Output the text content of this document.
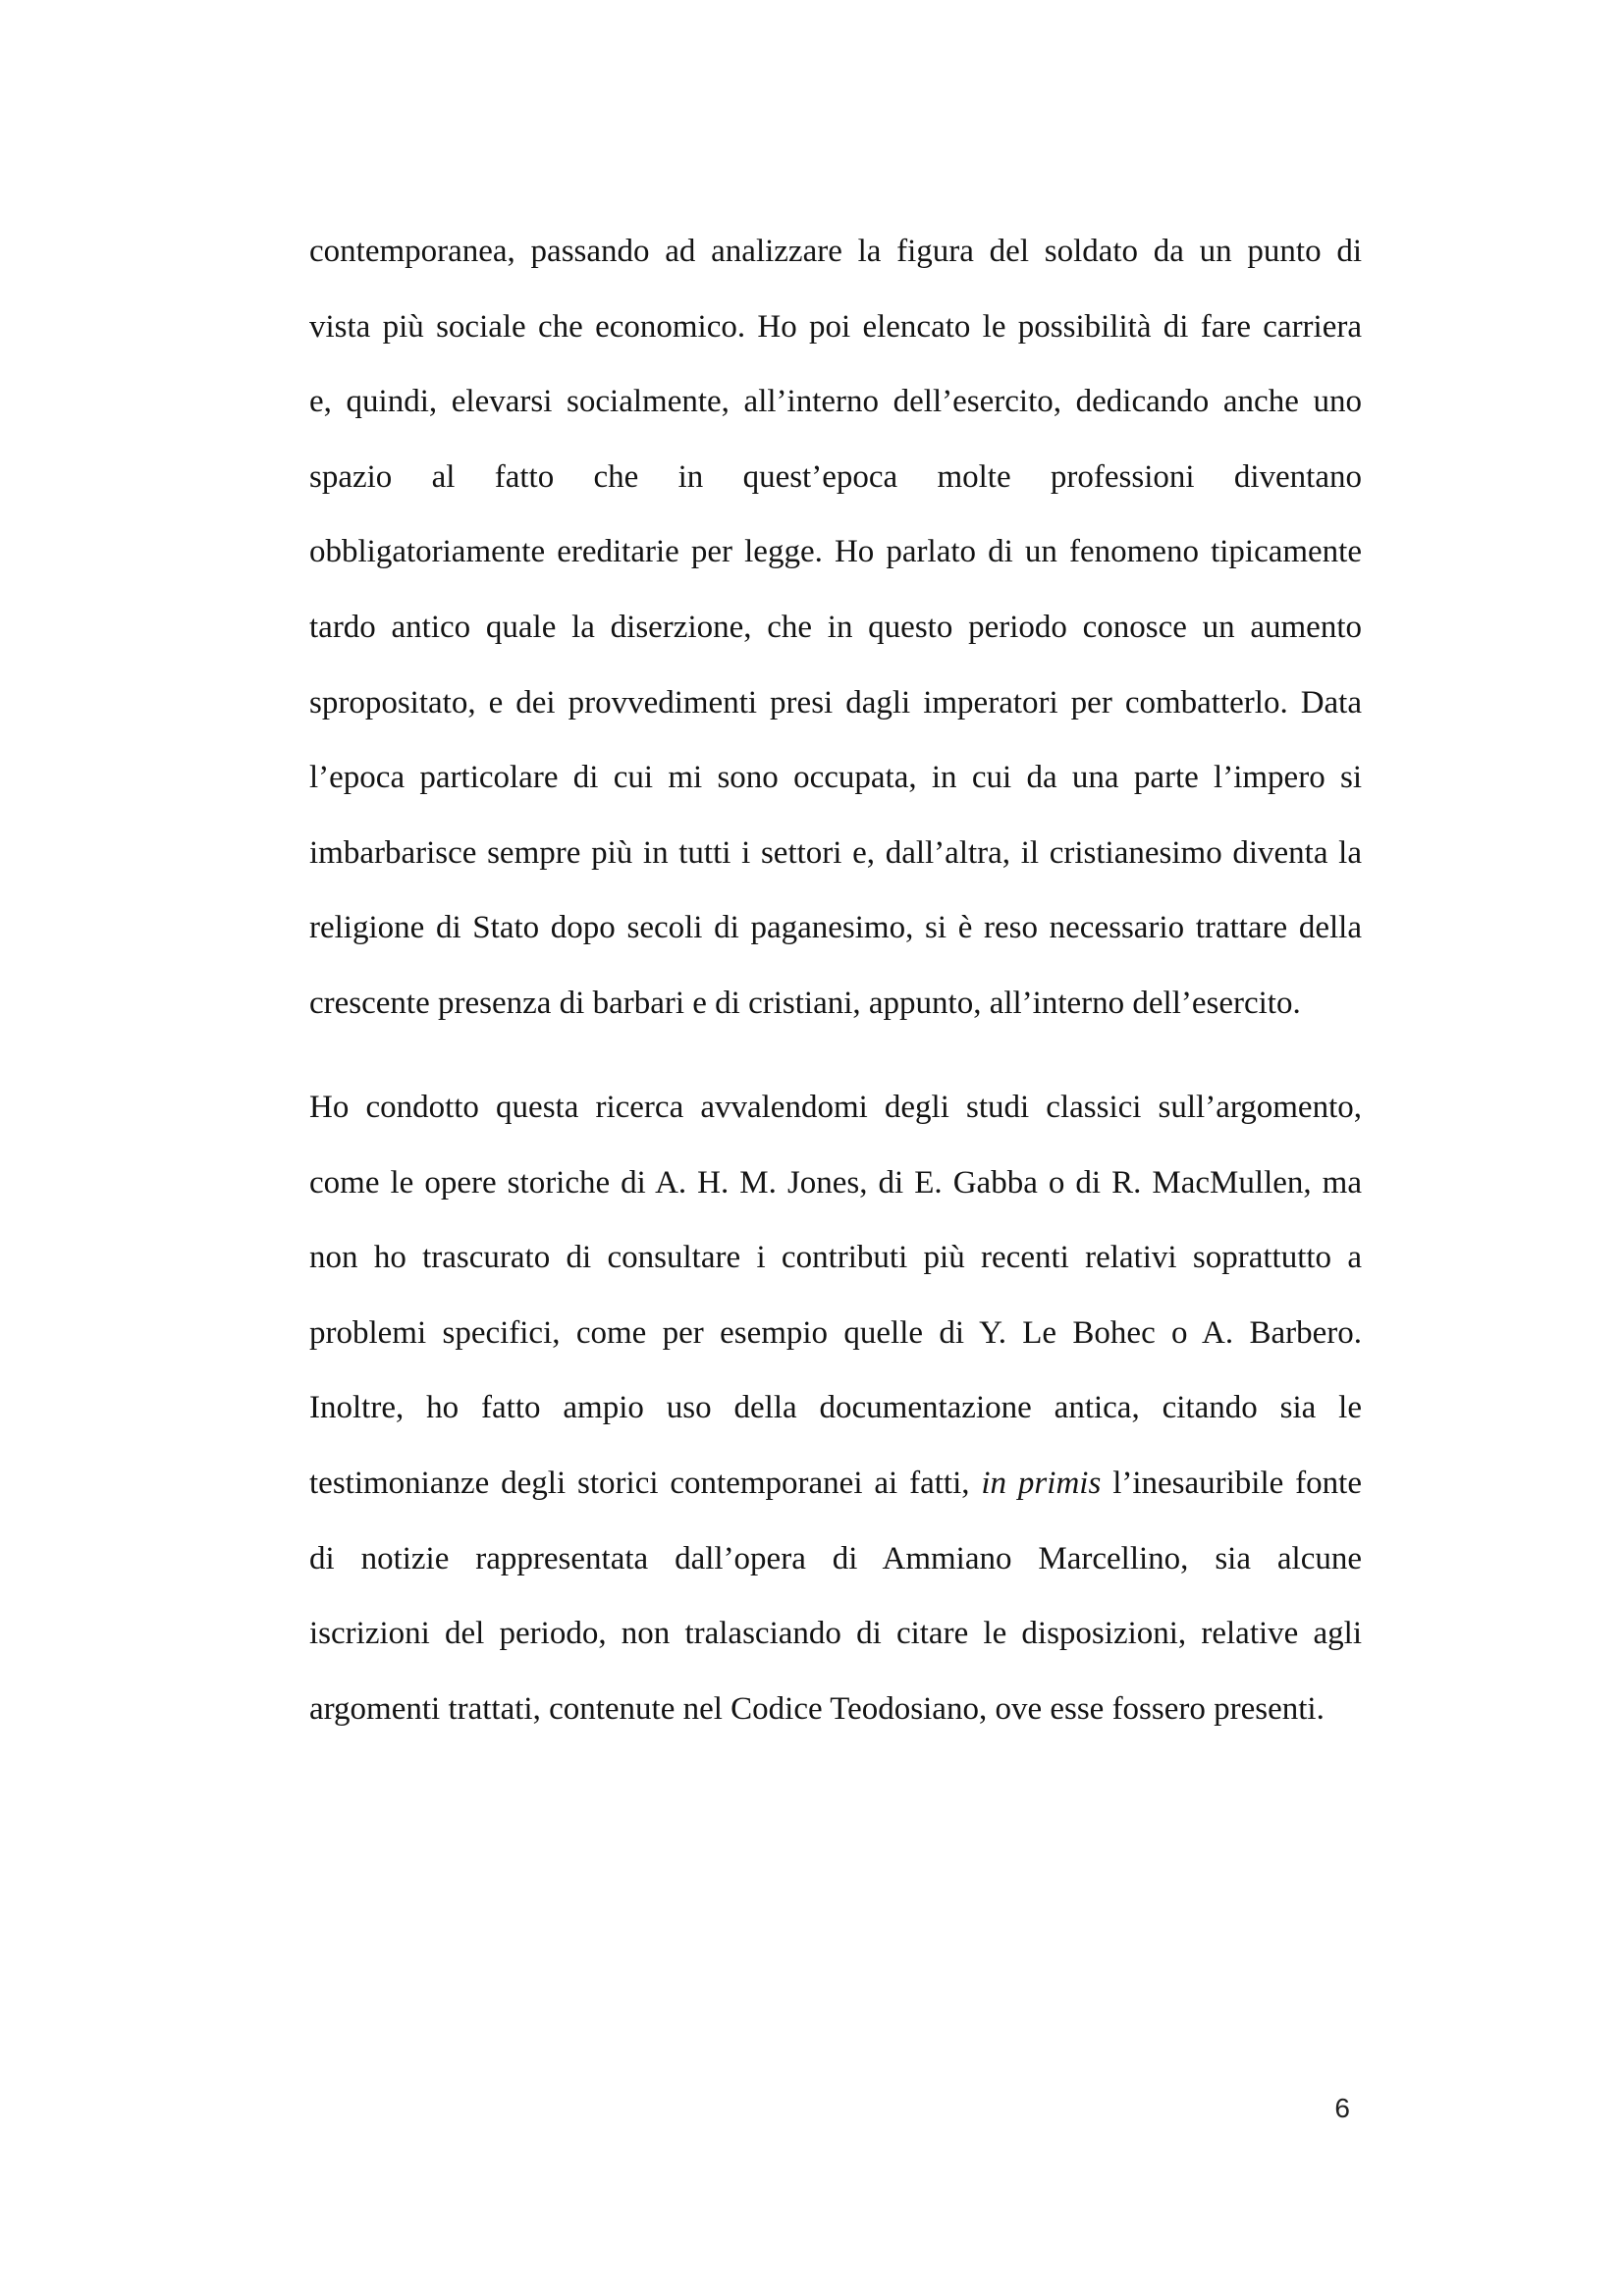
contemporanea, passando ad analizzare la figura del soldato da un punto di
vista più sociale che economico. Ho poi elencato le possibilità di fare carriera
e, quindi, elevarsi socialmente, all’interno dell’esercito, dedicando anche uno
spazio al fatto che in quest’epoca molte professioni diventano
obbligatoriamente ereditarie per legge. Ho parlato di un fenomeno tipicamente
tardo antico quale la diserzione, che in questo periodo conosce un aumento
spropositato, e dei provvedimenti presi dagli imperatori per combatterlo. Data
l’epoca particolare di cui mi sono occupata, in cui da una parte l’impero si
imbarbarisce sempre più in tutti i settori e, dall’altra, il cristianesimo diventa la
religione di Stato dopo secoli di paganesimo, si è reso necessario trattare della
crescente presenza di barbari e di cristiani, appunto, all’interno dell’esercito.
Ho condotto questa ricerca avvalendomi degli studi classici sull’argomento,
come le opere storiche di A. H. M. Jones, di E. Gabba o di R. MacMullen, ma
non ho trascurato di consultare i contributi più recenti relativi soprattutto a
problemi specifici, come per esempio quelle di Y. Le Bohec o A. Barbero.
Inoltre, ho fatto ampio uso della documentazione antica, citando sia le
testimonianze degli storici contemporanei ai fatti, in primis l’inesauribile fonte
di notizie rappresentata dall’opera di Ammiano Marcellino, sia alcune
iscrizioni del periodo, non tralasciando di citare le disposizioni, relative agli
argomenti trattati, contenute nel Codice Teodosiano, ove esse fossero presenti.
6
